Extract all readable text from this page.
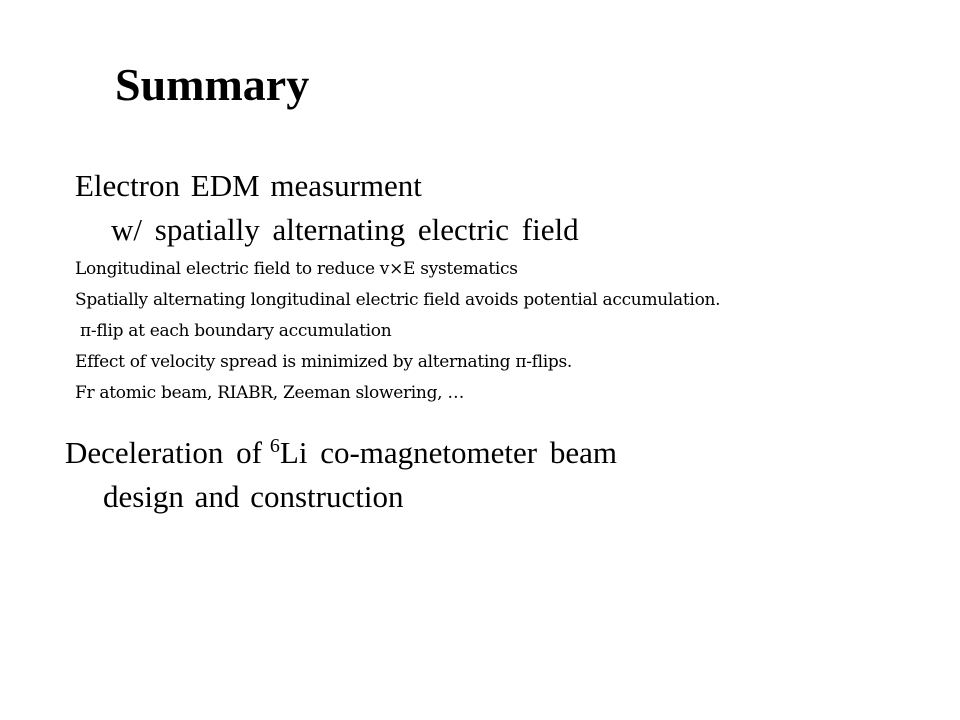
Summary
Electron EDM measurment
w/ spatially alternating electric field
Longitudinal electric field to reduce v×E systematics
Spatially alternating longitudinal electric field avoids potential accumulation.
π-flip at each boundary accumulation
Effect of velocity spread is minimized by alternating π-flips.
Fr atomic beam, RIABR, Zeeman slowering, …
Deceleration of $^6$Li co-magnetometer beam
design and construction
